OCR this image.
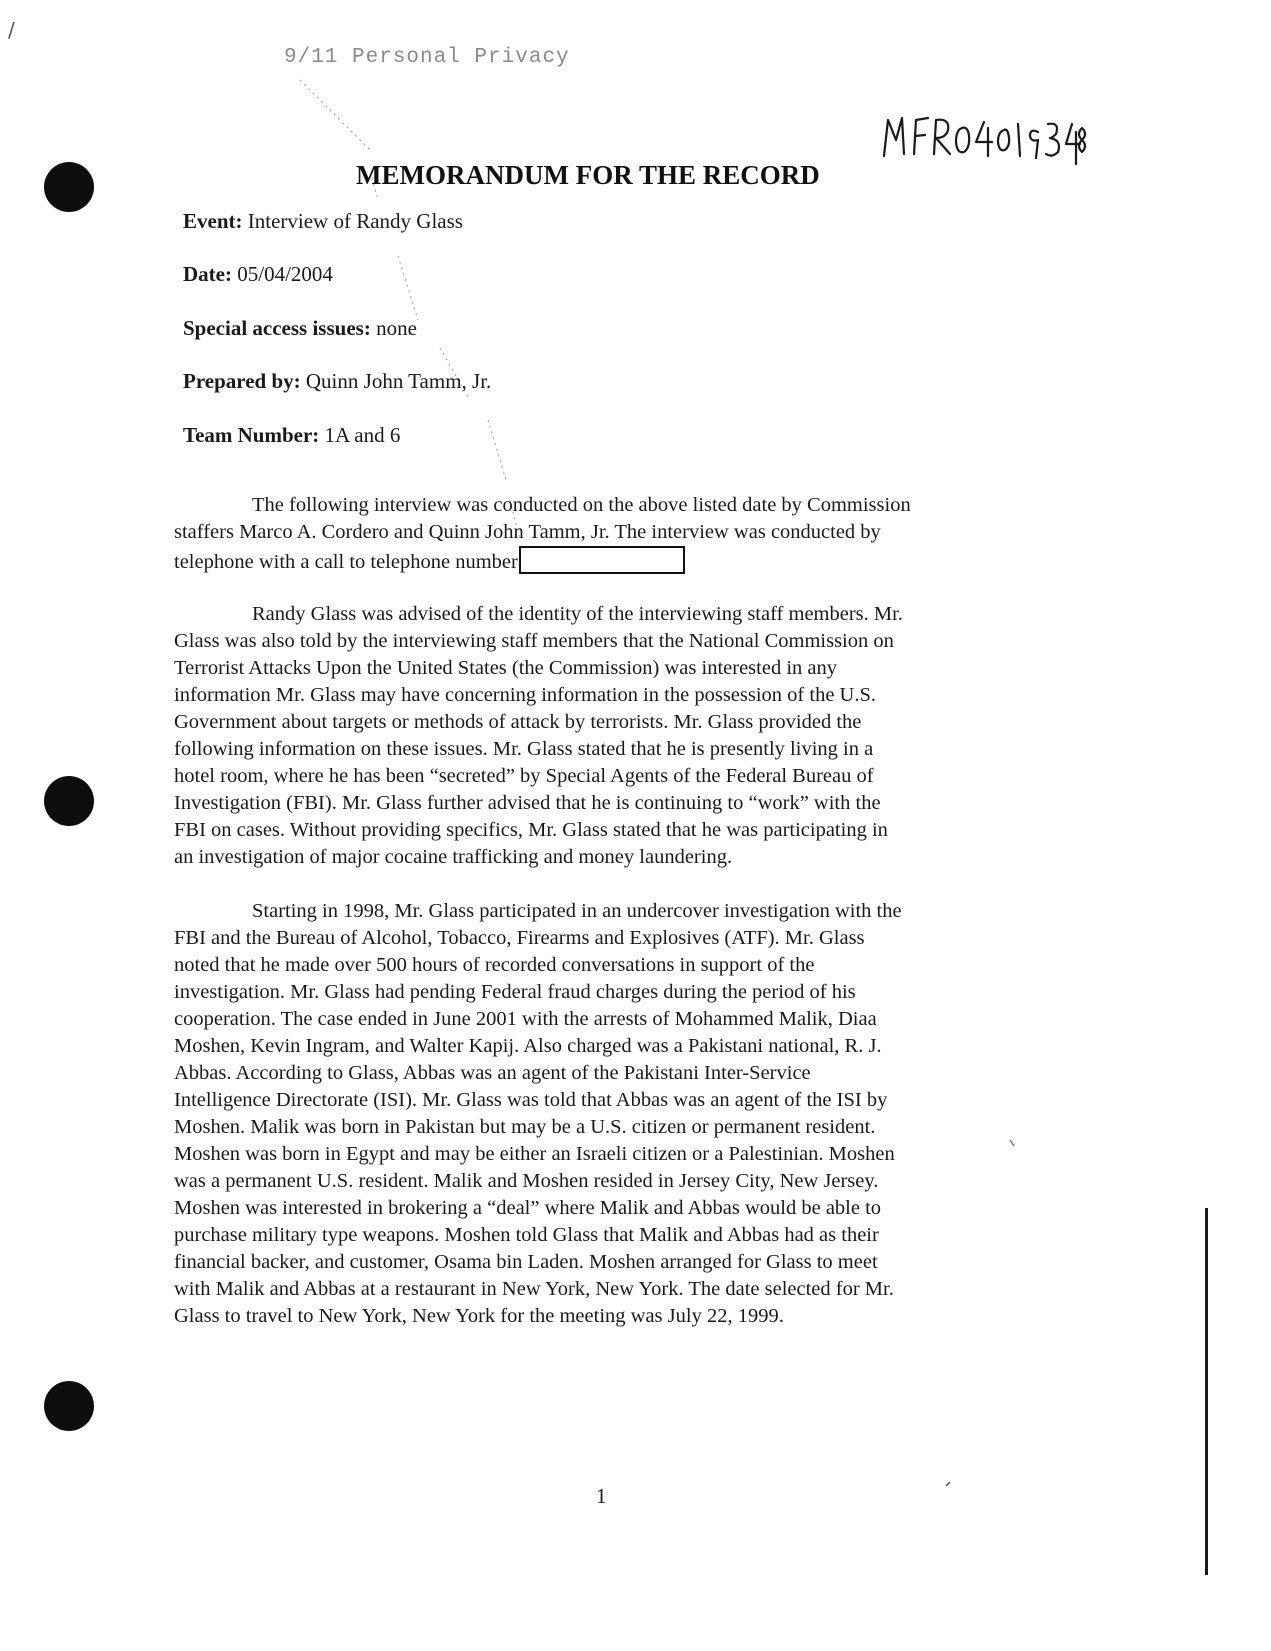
/
9/11 Personal Privacy
MEMORANDUM FOR THE RECORD
Event: Interview of Randy Glass
Date: 05/04/2004
Special access issues: none
Prepared by: Quinn John Tamm, Jr.
Team Number: 1A and 6
The following interview was conducted on the above listed date by Commission
staffers Marco A. Cordero and Quinn John Tamm, Jr. The interview was conducted by
telephone with a call to telephone number
Randy Glass was advised of the identity of the interviewing staff members. Mr.
Glass was also told by the interviewing staff members that the National Commission on
Terrorist Attacks Upon the United States (the Commission) was interested in any
information Mr. Glass may have concerning information in the possession of the U.S.
Government about targets or methods of attack by terrorists. Mr. Glass provided the
following information on these issues. Mr. Glass stated that he is presently living in a
hotel room, where he has been “secreted” by Special Agents of the Federal Bureau of
Investigation (FBI). Mr. Glass further advised that he is continuing to “work” with the
FBI on cases. Without providing specifics, Mr. Glass stated that he was participating in
an investigation of major cocaine trafficking and money laundering.
Starting in 1998, Mr. Glass participated in an undercover investigation with the
FBI and the Bureau of Alcohol, Tobacco, Firearms and Explosives (ATF). Mr. Glass
noted that he made over 500 hours of recorded conversations in support of the
investigation. Mr. Glass had pending Federal fraud charges during the period of his
cooperation. The case ended in June 2001 with the arrests of Mohammed Malik, Diaa
Moshen, Kevin Ingram, and Walter Kapij. Also charged was a Pakistani national, R. J.
Abbas. According to Glass, Abbas was an agent of the Pakistani Inter-Service
Intelligence Directorate (ISI). Mr. Glass was told that Abbas was an agent of the ISI by
Moshen. Malik was born in Pakistan but may be a U.S. citizen or permanent resident.
Moshen was born in Egypt and may be either an Israeli citizen or a Palestinian. Moshen
was a permanent U.S. resident. Malik and Moshen resided in Jersey City, New Jersey.
Moshen was interested in brokering a “deal” where Malik and Abbas would be able to
purchase military type weapons. Moshen told Glass that Malik and Abbas had as their
financial backer, and customer, Osama bin Laden. Moshen arranged for Glass to meet
with Malik and Abbas at a restaurant in New York, New York. The date selected for Mr.
Glass to travel to New York, New York for the meeting was July 22, 1999.
1
